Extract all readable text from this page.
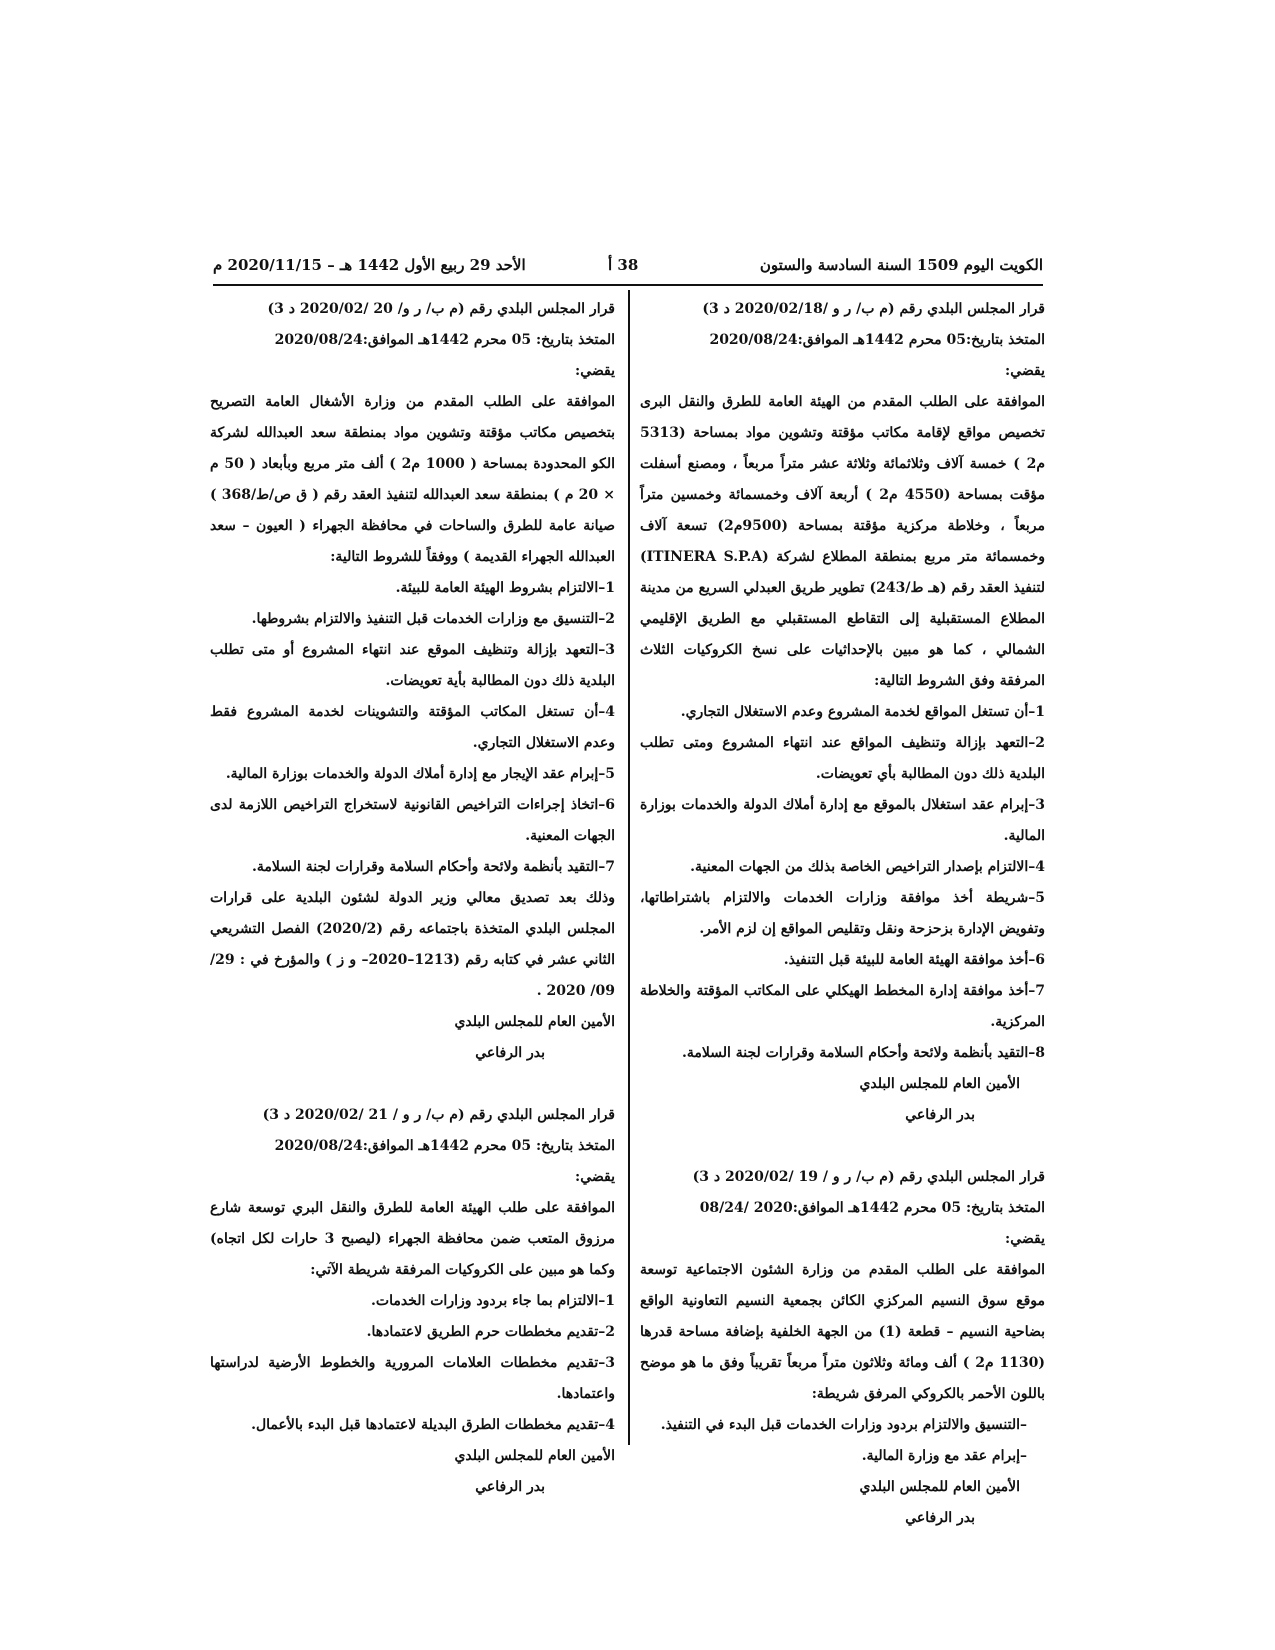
الكويت اليوم 1509 السنة السادسة والستون
38 أ
الأحد 29 ربيع الأول 1442 هـ – 2020/11/15 م

قرار المجلس البلدي رقم (م ب/ ر و /2020/02/18 د 3)

المتخذ بتاريخ:05 محرم 1442هـ الموافق:2020/08/24

يقضي:

الموافقة على الطلب المقدم من الهيئة العامة للطرق والنقل البرى تخصيص مواقع لإقامة مكاتب مؤقتة وتشوين مواد بمساحة (5313 م2 ) خمسة آلاف وثلاثمائة وثلاثة عشر متراً مربعاً ، ومصنع أسفلت مؤقت بمساحة (4550 م2 ) أربعة آلاف وخمسمائة وخمسين متراً مربعاً ، وخلاطة مركزية مؤقتة بمساحة (9500م2) تسعة آلاف وخمسمائة متر مربع بمنطقة المطلاع لشركة (ITINERA S.P.A) لتنفيذ العقد رقم (هـ ط/243) تطوير طريق العبدلي السريع من مدينة المطلاع المستقبلية إلى التقاطع المستقبلي مع الطريق الإقليمي الشمالي ، كما هو مبين بالإحداثيات على نسخ الكروكيات الثلاث المرفقة وفق الشروط التالية:

1–أن تستغل المواقع لخدمة المشروع وعدم الاستغلال التجاري.

2–التعهد بإزالة وتنظيف المواقع عند انتهاء المشروع ومتى تطلب البلدية ذلك دون المطالبة بأي تعويضات.

3–إبرام عقد استغلال بالموقع مع إدارة أملاك الدولة والخدمات بوزارة المالية.

4–الالتزام بإصدار التراخيص الخاصة بذلك من الجهات المعنية.

5–شريطة أخذ موافقة وزارات الخدمات والالتزام باشتراطاتها، وتفويض الإدارة بزحزحة ونقل وتقليص المواقع إن لزم الأمر.

6–أخذ موافقة الهيئة العامة للبيئة قبل التنفيذ.

7–أخذ موافقة إدارة المخطط الهيكلي على المكاتب المؤقتة والخلاطة المركزية.

8–التقيد بأنظمة ولائحة وأحكام السلامة وقرارات لجنة السلامة.

الأمين العام للمجلس البلدي

بدر الرفاعي

قرار المجلس البلدي رقم (م ب/ ر و / 19 /2020/02 د 3)

المتخذ بتاريخ: 05 محرم 1442هـ الموافق:2020 /08/24

يقضي:

الموافقة على الطلب المقدم من وزارة الشئون الاجتماعية توسعة موقع سوق النسيم المركزي الكائن بجمعية النسيم التعاونية الواقع بضاحية النسيم – قطعة (1) من الجهة الخلفية بإضافة مساحة قدرها (1130 م2 ) ألف ومائة وثلاثون متراً مربعاً تقريباً وفق ما هو موضح باللون الأحمر بالكروكي المرفق شريطة:

–التنسيق والالتزام بردود وزارات الخدمات قبل البدء في التنفيذ.

–إبرام عقد مع وزارة المالية.

الأمين العام للمجلس البلدي

بدر الرفاعي

قرار المجلس البلدي رقم (م ب/ ر و/ 20 /2020/02 د 3)

المتخذ بتاريخ: 05 محرم 1442هـ الموافق:2020/08/24

يقضي:

الموافقة على الطلب المقدم من وزارة الأشغال العامة التصريح بتخصيص مكاتب مؤقتة وتشوين مواد بمنطقة سعد العبدالله لشركة الكو المحدودة بمساحة ( 1000 م2 ) ألف متر مربع وبأبعاد ( 50 م × 20 م ) بمنطقة سعد العبدالله لتنفيذ العقد رقم ( ق ص/ط/368 ) صيانة عامة للطرق والساحات في محافظة الجهراء ( العيون – سعد العبدالله الجهراء القديمة ) ووفقاً للشروط التالية:

1–الالتزام بشروط الهيئة العامة للبيئة.

2–التنسيق مع وزارات الخدمات قبل التنفيذ والالتزام بشروطها.

3–التعهد بإزالة وتنظيف الموقع عند انتهاء المشروع أو متى تطلب البلدية ذلك دون المطالبة بأية تعويضات.

4–أن تستغل المكاتب المؤقتة والتشوينات لخدمة المشروع فقط وعدم الاستغلال التجاري.

5–إبرام عقد الإيجار مع إدارة أملاك الدولة والخدمات بوزارة المالية.

6–اتخاذ إجراءات التراخيص القانونية لاستخراج التراخيص اللازمة لدى الجهات المعنية.

7–التقيد بأنظمة ولائحة وأحكام السلامة وقرارات لجنة السلامة.

وذلك بعد تصديق معالي وزير الدولة لشئون البلدية على قرارات المجلس البلدي المتخذة باجتماعه رقم (2020/2) الفصل التشريعي الثاني عشر في كتابه رقم (1213–2020– و ز ) والمؤرخ في : 29/ 09/ 2020 .

الأمين العام للمجلس البلدي

بدر الرفاعي

قرار المجلس البلدي رقم (م ب/ ر و / 21 /2020/02 د 3)

المتخذ بتاريخ: 05 محرم 1442هـ الموافق:2020/08/24

يقضي:

الموافقة على طلب الهيئة العامة للطرق والنقل البري توسعة شارع مرزوق المتعب ضمن محافظة الجهراء (ليصبح 3 حارات لكل اتجاه) وكما هو مبين على الكروكيات المرفقة شريطة الآتي:

1–الالتزام بما جاء بردود وزارات الخدمات.

2–تقديم مخططات حرم الطريق لاعتمادها.

3–تقديم مخططات العلامات المرورية والخطوط الأرضية لدراستها واعتمادها.

4–تقديم مخططات الطرق البديلة لاعتمادها قبل البدء بالأعمال.

الأمين العام للمجلس البلدي

بدر الرفاعي
